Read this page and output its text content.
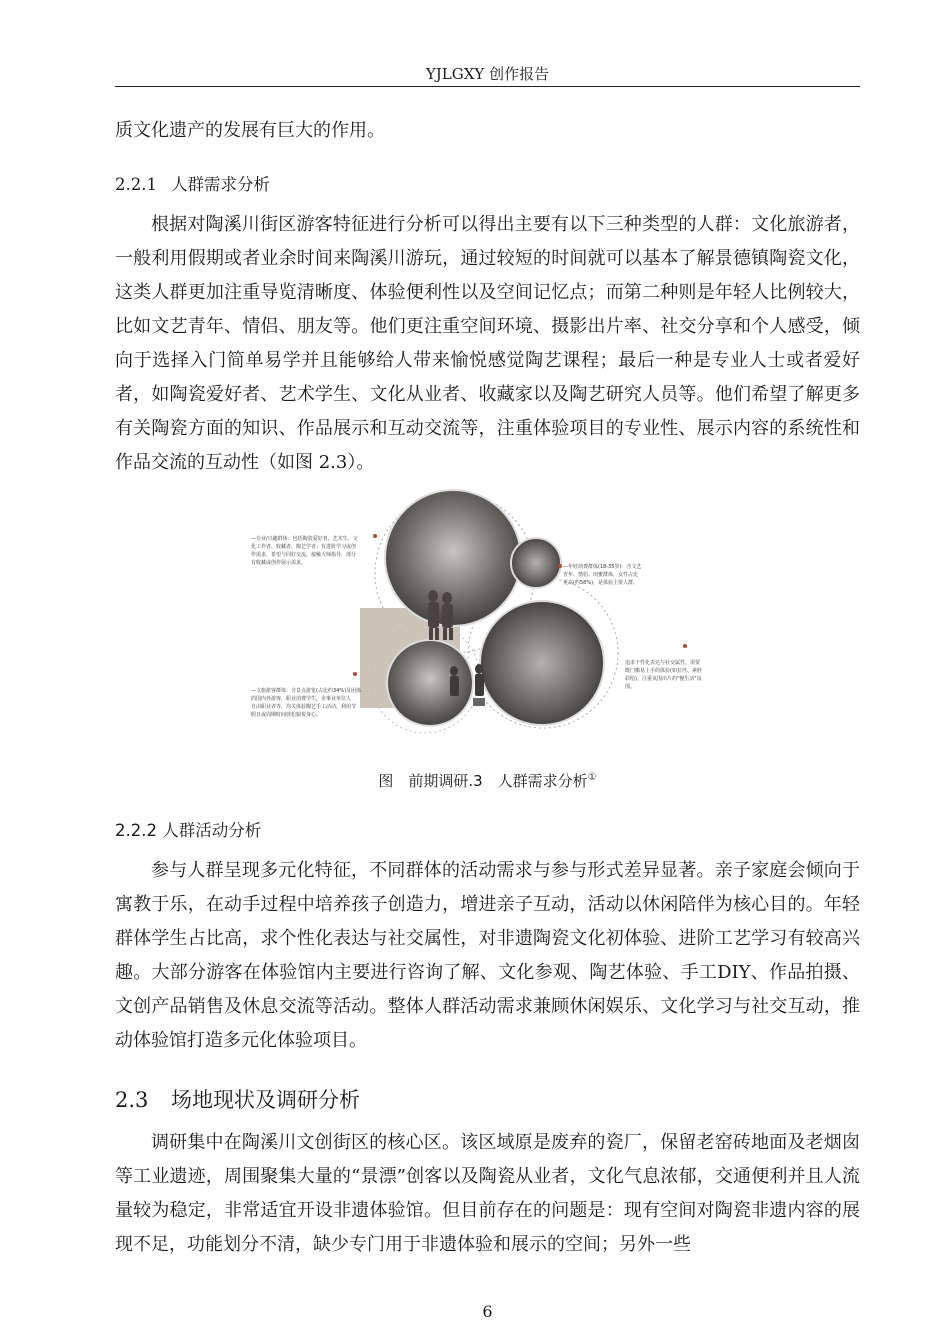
YJLGXY 创作报告

质文化遗产的发展有巨大的作用。

2.2.1 人群需求分析

根据对陶溪川街区游客特征进行分析可以得出主要有以下三种类型的人群：文化旅游者，一般利用假期或者业余时间来陶溪川游玩，通过较短的时间就可以基本了解景德镇陶瓷文化，这类人群更加注重导览清晰度、体验便利性以及空间记忆点；而第二种则是年轻人比例较大，比如文艺青年、情侣、朋友等。他们更注重空间环境、摄影出片率、社交分享和个人感受，倾向于选择入门简单易学并且能够给人带来愉悦感觉陶艺课程；最后一种是专业人士或者爱好者，如陶瓷爱好者、艺术学生、文化从业者、收藏家以及陶艺研究人员等。他们希望了解更多有关陶瓷方面的知识、作品展示和互动交流等，注重体验项目的专业性、展示内容的系统性和作品交流的互动性（如图 2.3）。

—专业/兴趣群体：包括陶瓷爱好者、艺术生、文
化工作者、收藏者、陶艺学者；有进阶学习或创
作需求，希望与同好交流，接触大师指导，部分
有收藏或创作展示需求。
—年轻消费群体(18-35岁)：含文艺
青年、情侣、闺蜜群体，女性占比
更高(约58%)，是体验主要人群。
—文旅游客群体：含景点游览(占比约34%)及团体
的国内外游客，职业消费学生，企事业单位人
自由职业者等，均关体验陶艺手工活动，利用节
假日或周期时间放松愉悦身心。
追求个性化表达与社交属性，需要
既门槛易上手的体验(如拉坯、素胚
彩绘)，注重氛围出片的"慢生活"氛
围。
图　前期调研.3　人群需求分析①
2.2.2 人群活动分析

参与人群呈现多元化特征，不同群体的活动需求与参与形式差异显著。亲子家庭会倾向于寓教于乐，在动手过程中培养孩子创造力，增进亲子互动，活动以休闲陪伴为核心目的。年轻群体学生占比高，求个性化表达与社交属性，对非遗陶瓷文化初体验、进阶工艺学习有较高兴趣。大部分游客在体验馆内主要进行咨询了解、文化参观、陶艺体验、手工DIY、作品拍摄、文创产品销售及休息交流等活动。整体人群活动需求兼顾休闲娱乐、文化学习与社交互动，推动体验馆打造多元化体验项目。

2.3 场地现状及调研分析

调研集中在陶溪川文创街区的核心区。该区域原是废弃的瓷厂，保留老窑砖地面及老烟囱等工业遗迹，周围聚集大量的“景漂”创客以及陶瓷从业者，文化气息浓郁，交通便利并且人流量较为稳定，非常适宜开设非遗体验馆。但目前存在的问题是：现有空间对陶瓷非遗内容的展现不足，功能划分不清，缺少专门用于非遗体验和展示的空间；另外一些

6
